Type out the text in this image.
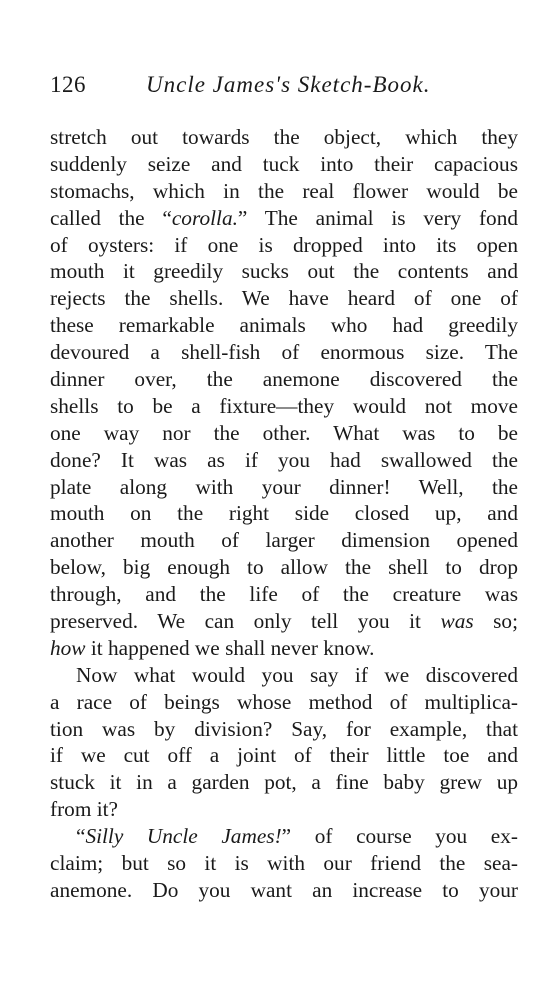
126	Uncle James's Sketch-Book.
stretch out towards the object, which they
suddenly seize and tuck into their capacious
stomachs, which in the real flower would be
called the “corolla.” The animal is very fond
of oysters: if one is dropped into its open
mouth it greedily sucks out the contents and
rejects the shells. We have heard of one of
these remarkable animals who had greedily
devoured a shell-fish of enormous size. The
dinner over, the anemone discovered the
shells to be a fixture—they would not move
one way nor the other. What was to be
done? It was as if you had swallowed the
plate along with your dinner! Well, the
mouth on the right side closed up, and
another mouth of larger dimension opened
below, big enough to allow the shell to drop
through, and the life of the creature was
preserved. We can only tell you it was so;
how it happened we shall never know.
Now what would you say if we discovered
a race of beings whose method of multiplica-
tion was by division? Say, for example, that
if we cut off a joint of their little toe and
stuck it in a garden pot, a fine baby grew up
from it?
“Silly Uncle James!” of course you ex-
claim; but so it is with our friend the sea-
anemone. Do you want an increase to your
